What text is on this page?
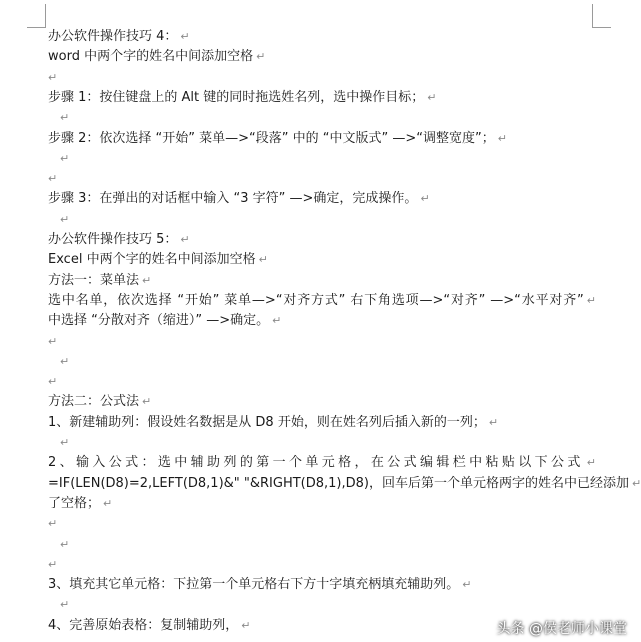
办公软件操作技巧 4： ↵
word 中两个字的姓名中间添加空格 ↵
↵
步骤 1：按住键盘上的 Alt 键的同时拖选姓名列，选中操作目标； ↵
↵
步骤 2：依次选择 “开始” 菜单—>“段落” 中的 “中文版式” —>“调整宽度”； ↵
↵
↵
步骤 3：在弹出的对话框中输入 “3 字符” —>确定，完成操作。 ↵
↵
办公软件操作技巧 5： ↵
Excel 中两个字的姓名中间添加空格 ↵
方法一：菜单法 ↵
选中名单，依次选择 “开始” 菜单—>“对齐方式” 右下角选项—>“对齐” —>“水平对齐” ↵
中选择 “分散对齐（缩进）” —>确定。 ↵
↵
↵
↵
方法二：公式法 ↵
1、新建辅助列：假设姓名数据是从 D8 开始，则在姓名列后插入新的一列； ↵
↵
2、输入公式：选中辅助列的第一个单元格，在公式编辑栏中粘贴以下公式 ↵
=IF(LEN(D8)=2,LEFT(D8,1)&" "&RIGHT(D8,1),D8)，回车后第一个单元格两字的姓名中已经添加 ↵
了空格； ↵
↵
↵
↵
3、填充其它单元格：下拉第一个单元格右下方十字填充柄填充辅助列。 ↵
↵
4、完善原始表格：复制辅助列， ↵	头条 @侯老师小课堂
